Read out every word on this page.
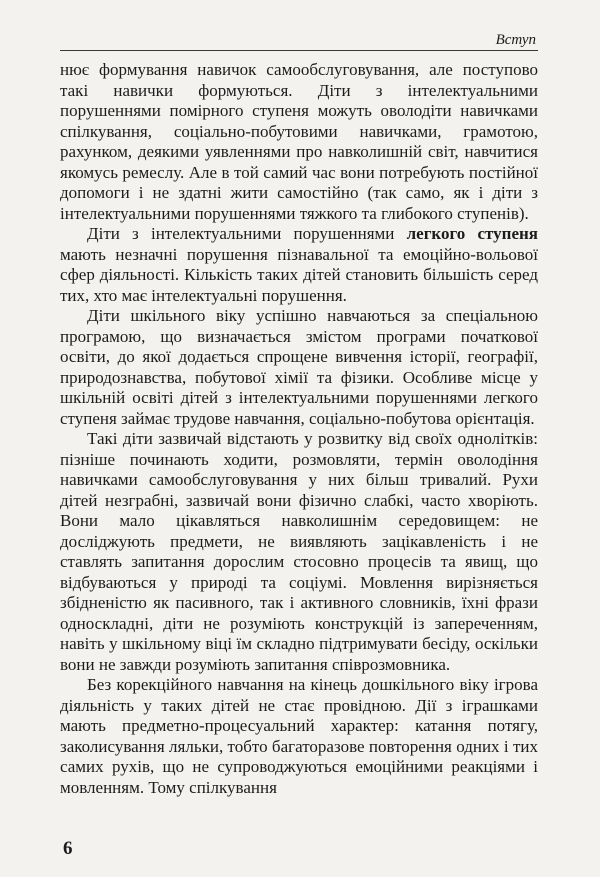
Вступ

нює формування навичок самообслуговування, але поступово такі навички формуються. Діти з інтелектуальними порушеннями помірного ступеня можуть оволодіти навичками спілкування, соціально-побутовими навичками, грамотою, рахунком, деякими уявленнями про навколишній світ, навчитися якомусь ремеслу. Але в той самий час вони потребують постійної допомоги і не здатні жити самостійно (так само, як і діти з інтелектуальними порушеннями тяжкого та глибокого ступенів).

Діти з інтелектуальними порушеннями легкого ступеня мають незначні порушення пізнавальної та емоційно-вольової сфер діяльності. Кількість таких дітей становить більшість серед тих, хто має інтелектуальні порушення.

Діти шкільного віку успішно навчаються за спеціальною програмою, що визначається змістом програми початкової освіти, до якої додається спрощене вивчення історії, географії, природознавства, побутової хімії та фізики. Особливе місце у шкільній освіті дітей з інтелектуальними порушеннями легкого ступеня займає трудове навчання, соціально-побутова орієнтація.

Такі діти зазвичай відстають у розвитку від своїх однолітків: пізніше починають ходити, розмовляти, термін оволодіння навичками самообслуговування у них більш тривалий. Рухи дітей незграбні, зазвичай вони фізично слабкі, часто хворіють. Вони мало цікавляться навколишнім середовищем: не досліджують предмети, не виявляють зацікавленість і не ставлять запитання дорослим стосовно процесів та явищ, що відбуваються у природі та соціумі. Мовлення вирізняється збідненістю як пасивного, так і активного словників, їхні фрази односкладні, діти не розуміють конструкцій із запереченням, навіть у шкільному віці їм складно підтримувати бесіду, оскільки вони не завжди розуміють запитання співрозмовника.

Без корекційного навчання на кінець дошкільного віку ігрова діяльність у таких дітей не стає провідною. Дії з іграшками мають предметно-процесуальний характер: катання потягу, заколисування ляльки, тобто багаторазове повторення одних і тих самих рухів, що не супроводжуються емоційними реакціями і мовленням. Тому спілкування

6
